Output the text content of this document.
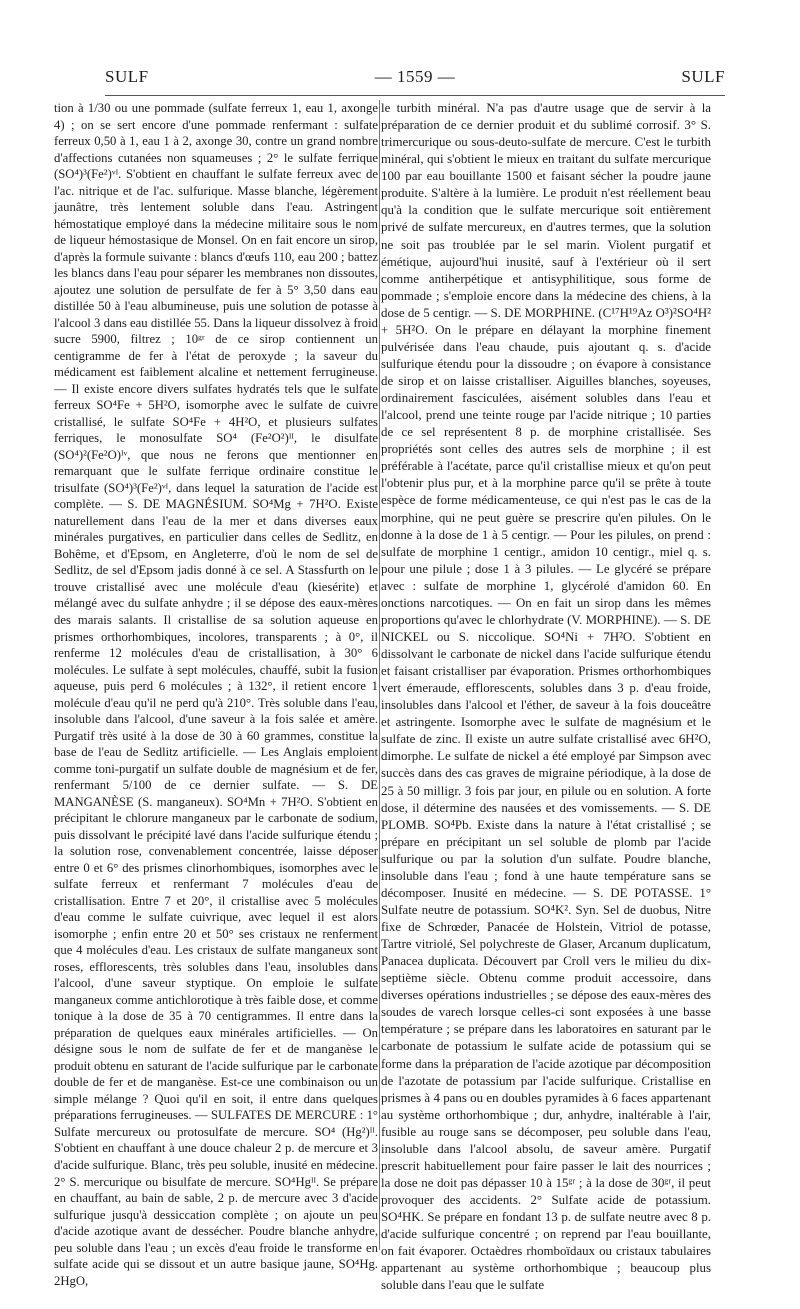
SULF	— 1559 —	SULF

tion à 1/30 ou une pommade (sulfate ferreux 1, eau 1, axonge 4) ; on se sert encore d'une pommade renfermant : sulfate ferreux 0,50 à 1, eau 1 à 2, axonge 30, contre un grand nombre d'affections cutanées non squameuses ; 2° le sulfate ferrique (SO⁴)³(Fe²)ᵛᴵ. S'obtient en chauffant le sulfate ferreux avec de l'ac. nitrique et de l'ac. sulfurique. Masse blanche, légèrement jaunâtre, très lentement soluble dans l'eau. Astringent hémostatique employé dans la médecine militaire sous le nom de liqueur hémostasique de Monsel. On en fait encore un sirop, d'après la formule suivante : blancs d'œufs 110, eau 200 ; battez les blancs dans l'eau pour séparer les membranes non dissoutes, ajoutez une solution de persulfate de fer à 5° 3,50 dans eau distillée 50 à l'eau albumineuse, puis une solution de potasse à l'alcool 3 dans eau distillée 55. Dans la liqueur dissolvez à froid sucre 5900, filtrez ; 10ᵍʳ de ce sirop contiennent un centigramme de fer à l'état de peroxyde ; la saveur du médicament est faiblement alcaline et nettement ferrugineuse. — Il existe encore divers sulfates hydratés tels que le sulfate ferreux SO⁴Fe + 5H²O, isomorphe avec le sulfate de cuivre cristallisé, le sulfate SO⁴Fe + 4H²O, et plusieurs sulfates ferriques, le monosulfate SO⁴ (Fe²O²)ᴵᴵ, le disulfate (SO⁴)²(Fe²O)ᴵᵛ, que nous ne ferons que mentionner en remarquant que le sulfate ferrique ordinaire constitue le trisulfate (SO⁴)³(Fe²)ᵛᴵ, dans lequel la saturation de l'acide est complète. — S. DE MAGNÉSIUM. SO⁴Mg + 7H²O. Existe naturellement dans l'eau de la mer et dans diverses eaux minérales purgatives, en particulier dans celles de Sedlitz, en Bohême, et d'Epsom, en Angleterre, d'où le nom de sel de Sedlitz, de sel d'Epsom jadis donné à ce sel. A Stassfurth on le trouve cristallisé avec une molécule d'eau (kiesérite) et mélangé avec du sulfate anhydre ; il se dépose des eaux-mères des marais salants. Il cristallise de sa solution aqueuse en prismes orthorhombiques, incolores, transparents ; à 0°, il renferme 12 molécules d'eau de cristallisation, à 30° 6 molécules. Le sulfate à sept molécules, chauffé, subit la fusion aqueuse, puis perd 6 molécules ; à 132°, il retient encore 1 molécule d'eau qu'il ne perd qu'à 210°. Très soluble dans l'eau, insoluble dans l'alcool, d'une saveur à la fois salée et amère. Purgatif très usité à la dose de 30 à 60 grammes, constitue la base de l'eau de Sedlitz artificielle. — Les Anglais emploient comme toni-purgatif un sulfate double de magnésium et de fer, renfermant 5/100 de ce dernier sulfate. — S. DE MANGANÈSE (S. manganeux). SO⁴Mn + 7H²O. S'obtient en précipitant le chlorure manganeux par le carbonate de sodium, puis dissolvant le précipité lavé dans l'acide sulfurique étendu ; la solution rose, convenablement concentrée, laisse déposer entre 0 et 6° des prismes clinorhombiques, isomorphes avec le sulfate ferreux et renfermant 7 molécules d'eau de cristallisation. Entre 7 et 20°, il cristallise avec 5 molécules d'eau comme le sulfate cuivrique, avec lequel il est alors isomorphe ; enfin entre 20 et 50° ses cristaux ne renferment que 4 molécules d'eau. Les cristaux de sulfate manganeux sont roses, efflorescents, très solubles dans l'eau, insolubles dans l'alcool, d'une saveur styptique. On emploie le sulfate manganeux comme antichlorotique à très faible dose, et comme tonique à la dose de 35 à 70 centigrammes. Il entre dans la préparation de quelques eaux minérales artificielles. — On désigne sous le nom de sulfate de fer et de manganèse le produit obtenu en saturant de l'acide sulfurique par le carbonate double de fer et de manganèse. Est-ce une combinaison ou un simple mélange ? Quoi qu'il en soit, il entre dans quelques préparations ferrugineuses. — SULFATES DE MERCURE : 1° Sulfate mercureux ou protosulfate de mercure. SO⁴ (Hg²)ᴵᴵ. S'obtient en chauffant à une douce chaleur 2 p. de mercure et 3 d'acide sulfurique. Blanc, très peu soluble, inusité en médecine. 2° S. mercurique ou bisulfate de mercure. SO⁴Hgᴵᴵ. Se prépare en chauffant, au bain de sable, 2 p. de mercure avec 3 d'acide sulfurique jusqu'à dessiccation complète ; on ajoute un peu d'acide azotique avant de dessécher. Poudre blanche anhydre, peu soluble dans l'eau ; un excès d'eau froide le transforme en sulfate acide qui se dissout et un autre basique jaune, SO⁴Hg. 2HgO,

le turbith minéral. N'a pas d'autre usage que de servir à la préparation de ce dernier produit et du sublimé corrosif. 3° S. trimercurique ou sous-deuto-sulfate de mercure. C'est le turbith minéral, qui s'obtient le mieux en traitant du sulfate mercurique 100 par eau bouillante 1500 et faisant sécher la poudre jaune produite. S'altère à la lumière. Le produit n'est réellement beau qu'à la condition que le sulfate mercurique soit entièrement privé de sulfate mercureux, en d'autres termes, que la solution ne soit pas troublée par le sel marin. Violent purgatif et émétique, aujourd'hui inusité, sauf à l'extérieur où il sert comme antiherpétique et antisyphilitique, sous forme de pommade ; s'emploie encore dans la médecine des chiens, à la dose de 5 centigr. — S. DE MORPHINE. (C¹⁷H¹⁹Az O³)²SO⁴H² + 5H²O. On le prépare en délayant la morphine finement pulvérisée dans l'eau chaude, puis ajoutant q. s. d'acide sulfurique étendu pour la dissoudre ; on évapore à consistance de sirop et on laisse cristalliser. Aiguilles blanches, soyeuses, ordinairement fasciculées, aisément solubles dans l'eau et l'alcool, prend une teinte rouge par l'acide nitrique ; 10 parties de ce sel représentent 8 p. de morphine cristallisée. Ses propriétés sont celles des autres sels de morphine ; il est préférable à l'acétate, parce qu'il cristallise mieux et qu'on peut l'obtenir plus pur, et à la morphine parce qu'il se prête à toute espèce de forme médicamenteuse, ce qui n'est pas le cas de la morphine, qui ne peut guère se prescrire qu'en pilules. On le donne à la dose de 1 à 5 centigr. — Pour les pilules, on prend : sulfate de morphine 1 centigr., amidon 10 centigr., miel q. s. pour une pilule ; dose 1 à 3 pilules. — Le glycéré se prépare avec : sulfate de morphine 1, glycérolé d'amidon 60. En onctions narcotiques. — On en fait un sirop dans les mêmes proportions qu'avec le chlorhydrate (V. MORPHINE). — S. DE NICKEL ou S. niccolique. SO⁴Ni + 7H²O. S'obtient en dissolvant le carbonate de nickel dans l'acide sulfurique étendu et faisant cristalliser par évaporation. Prismes orthorhombiques vert émeraude, efflorescents, solubles dans 3 p. d'eau froide, insolubles dans l'alcool et l'éther, de saveur à la fois douceâtre et astringente. Isomorphe avec le sulfate de magnésium et le sulfate de zinc. Il existe un autre sulfate cristallisé avec 6H²O, dimorphe. Le sulfate de nickel a été employé par Simpson avec succès dans des cas graves de migraine périodique, à la dose de 25 à 50 milligr. 3 fois par jour, en pilule ou en solution. A forte dose, il détermine des nausées et des vomissements. — S. DE PLOMB. SO⁴Pb. Existe dans la nature à l'état cristallisé ; se prépare en précipitant un sel soluble de plomb par l'acide sulfurique ou par la solution d'un sulfate. Poudre blanche, insoluble dans l'eau ; fond à une haute température sans se décomposer. Inusité en médecine. — S. DE POTASSE. 1° Sulfate neutre de potassium. SO⁴K². Syn. Sel de duobus, Nitre fixe de Schrœder, Panacée de Holstein, Vitriol de potasse, Tartre vitriolé, Sel polychreste de Glaser, Arcanum duplicatum, Panacea duplicata. Découvert par Croll vers le milieu du dix-septième siècle. Obtenu comme produit accessoire, dans diverses opérations industrielles ; se dépose des eaux-mères des soudes de varech lorsque celles-ci sont exposées à une basse température ; se prépare dans les laboratoires en saturant par le carbonate de potassium le sulfate acide de potassium qui se forme dans la préparation de l'acide azotique par décomposition de l'azotate de potassium par l'acide sulfurique. Cristallise en prismes à 4 pans ou en doubles pyramides à 6 faces appartenant au système orthorhombique ; dur, anhydre, inaltérable à l'air, fusible au rouge sans se décomposer, peu soluble dans l'eau, insoluble dans l'alcool absolu, de saveur amère. Purgatif prescrit habituellement pour faire passer le lait des nourrices ; la dose ne doit pas dépasser 10 à 15ᵍʳ ; à la dose de 30ᵍʳ, il peut provoquer des accidents. 2° Sulfate acide de potassium. SO⁴HK. Se prépare en fondant 13 p. de sulfate neutre avec 8 p. d'acide sulfurique concentré ; on reprend par l'eau bouillante, on fait évaporer. Octaèdres rhomboïdaux ou cristaux tabulaires appartenant au système orthorhombique ; beaucoup plus soluble dans l'eau que le sulfate
